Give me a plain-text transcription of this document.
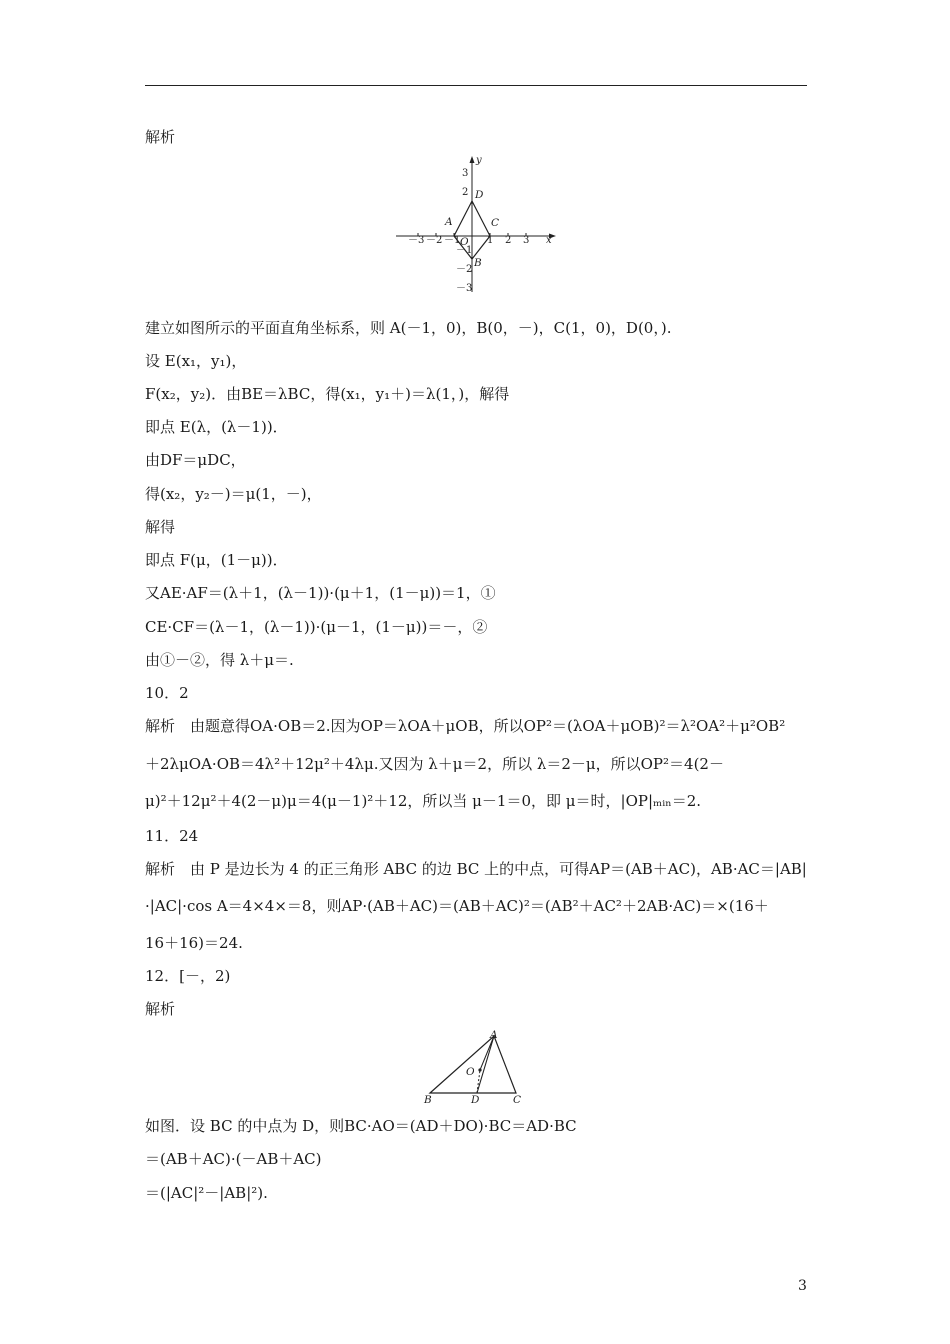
解析
－3 －2 －1	1 2 3 x
3
2
－1
－2
－3
y
A
B
C
D
O
建立如图所示的平面直角坐标系，则 A(－1，0)，B(0，－)，C(1，0)，D(0，).
设 E(x₁，y₁)，
F(x₂，y₂)．由BE＝λBC，得(x₁，y₁＋)＝λ(1，)，解得
即点 E(λ，(λ－1))．
由DF＝μDC，
得(x₂，y₂－)＝μ(1，－)，
解得
即点 F(μ，(1－μ))．
又AE·AF＝(λ＋1，(λ－1))·(μ＋1，(1－μ))＝1，①
CE·CF＝(λ－1，(λ－1))·(μ－1，(1－μ))＝－，②
由①－②，得 λ＋μ＝.
10．2
解析　由题意得OA·OB＝2.因为OP＝λOA＋μOB，所以OP²＝(λOA＋μOB)²＝λ²OA²＋μ²OB²
＋2λμOA·OB＝4λ²＋12μ²＋4λμ.又因为 λ＋μ＝2，所以 λ＝2－μ，所以OP²＝4(2－
μ)²＋12μ²＋4(2－μ)μ＝4(μ－1)²＋12，所以当 μ－1＝0，即 μ＝时，|OP|ₘᵢₙ＝2.
11．24
解析　由 P 是边长为 4 的正三角形 ABC 的边 BC 上的中点，可得AP＝(AB＋AC)，AB·AC＝|AB|
·|AC|·cos A＝4×4×＝8，则AP·(AB＋AC)＝(AB＋AC)²＝(AB²＋AC²＋2AB·AC)＝×(16＋
16＋16)＝24.
12．[－，2)
解析
A
B	C
D
O
如图．设 BC 的中点为 D，则BC·AO＝(AD＋DO)·BC＝AD·BC
＝(AB＋AC)·(－AB＋AC)
＝(|AC|²－|AB|²).
3
